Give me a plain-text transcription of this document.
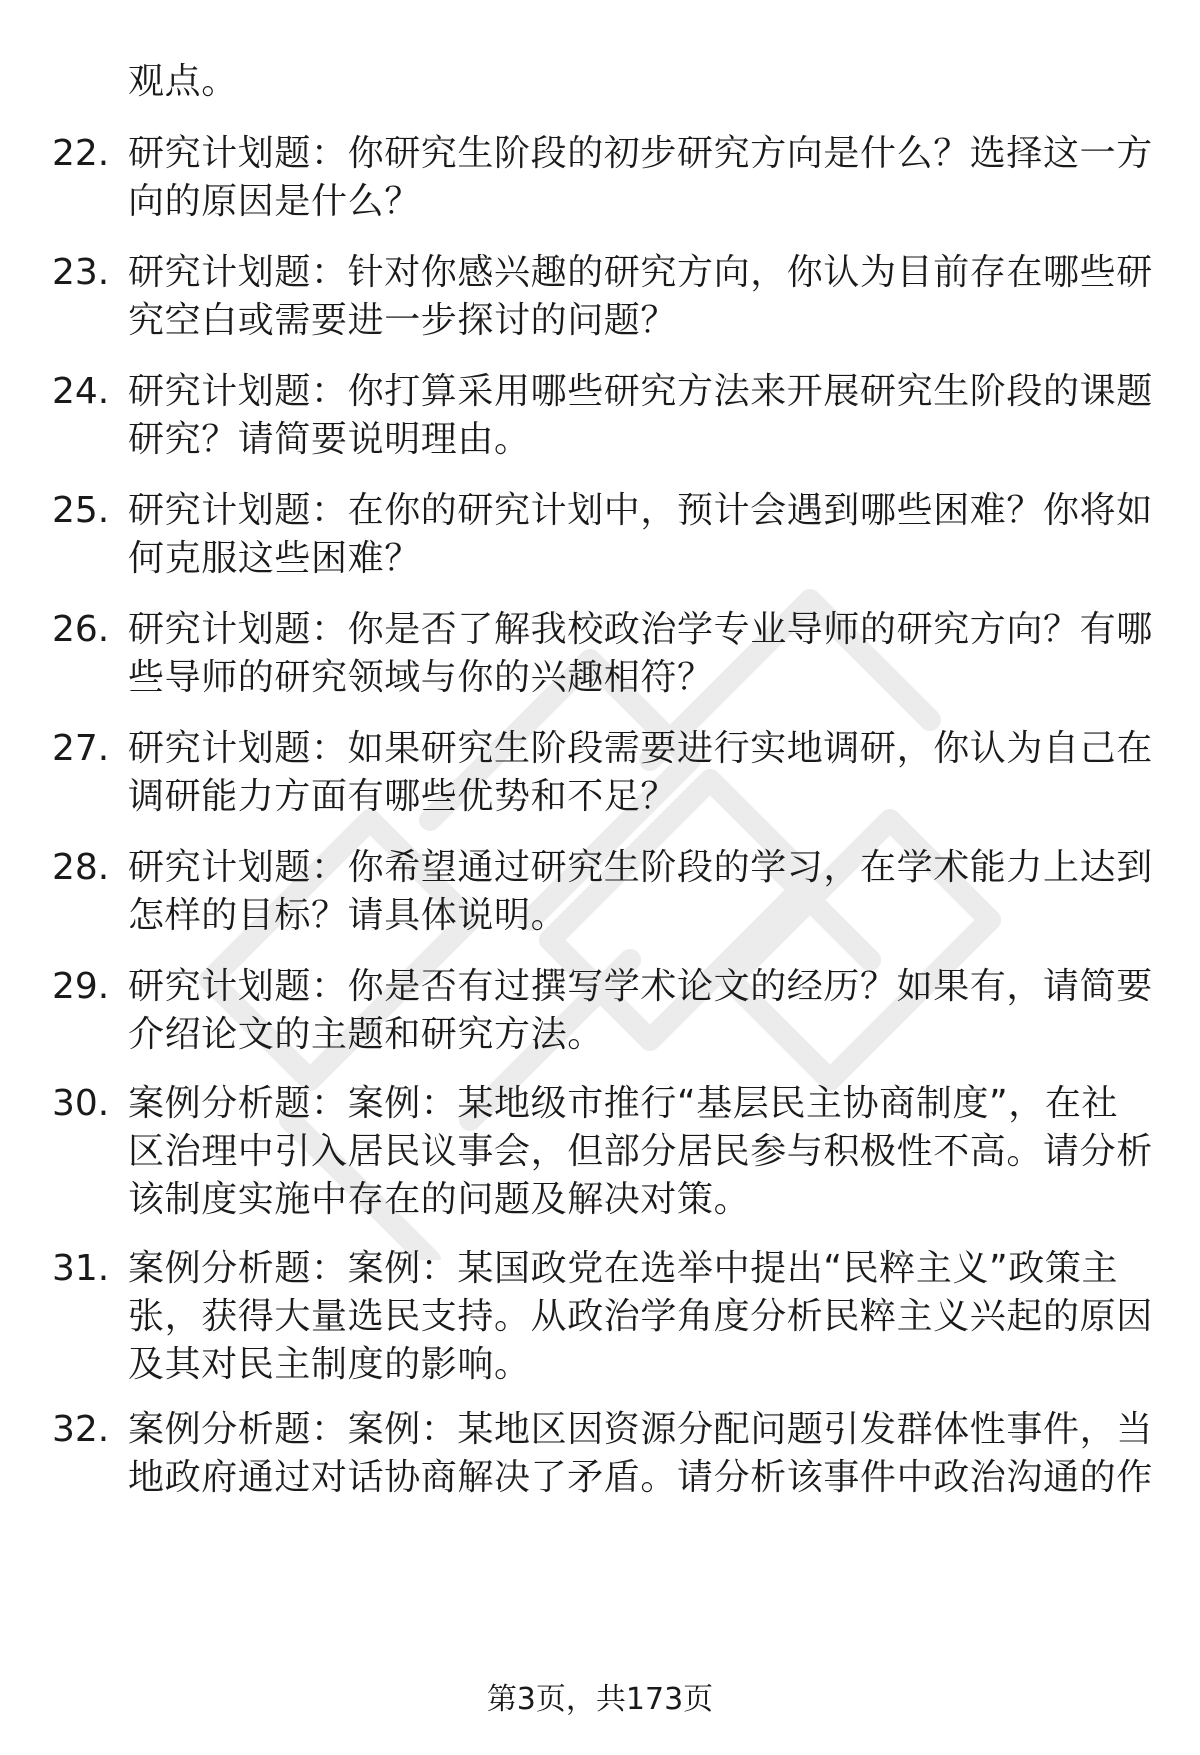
观点。
22. 研究计划题：你研究生阶段的初步研究方向是什么？选择这一方
向的原因是什么？
23. 研究计划题：针对你感兴趣的研究方向，你认为目前存在哪些研
究空白或需要进一步探讨的问题？
24. 研究计划题：你打算采用哪些研究方法来开展研究生阶段的课题
研究？请简要说明理由。
25. 研究计划题：在你的研究计划中，预计会遇到哪些困难？你将如
何克服这些困难？
26. 研究计划题：你是否了解我校政治学专业导师的研究方向？有哪
些导师的研究领域与你的兴趣相符？
27. 研究计划题：如果研究生阶段需要进行实地调研，你认为自己在
调研能力方面有哪些优势和不足？
28. 研究计划题：你希望通过研究生阶段的学习，在学术能力上达到
怎样的目标？请具体说明。
29. 研究计划题：你是否有过撰写学术论文的经历？如果有，请简要
介绍论文的主题和研究方法。
30. 案例分析题：案例：某地级市推行“基层民主协商制度”，在社
区治理中引入居民议事会，但部分居民参与积极性不高。请分析
该制度实施中存在的问题及解决对策。
31. 案例分析题：案例：某国政党在选举中提出“民粹主义”政策主
张，获得大量选民支持。从政治学角度分析民粹主义兴起的原因
及其对民主制度的影响。
32. 案例分析题：案例：某地区因资源分配问题引发群体性事件，当
地政府通过对话协商解决了矛盾。请分析该事件中政治沟通的作
第3页，共173页
